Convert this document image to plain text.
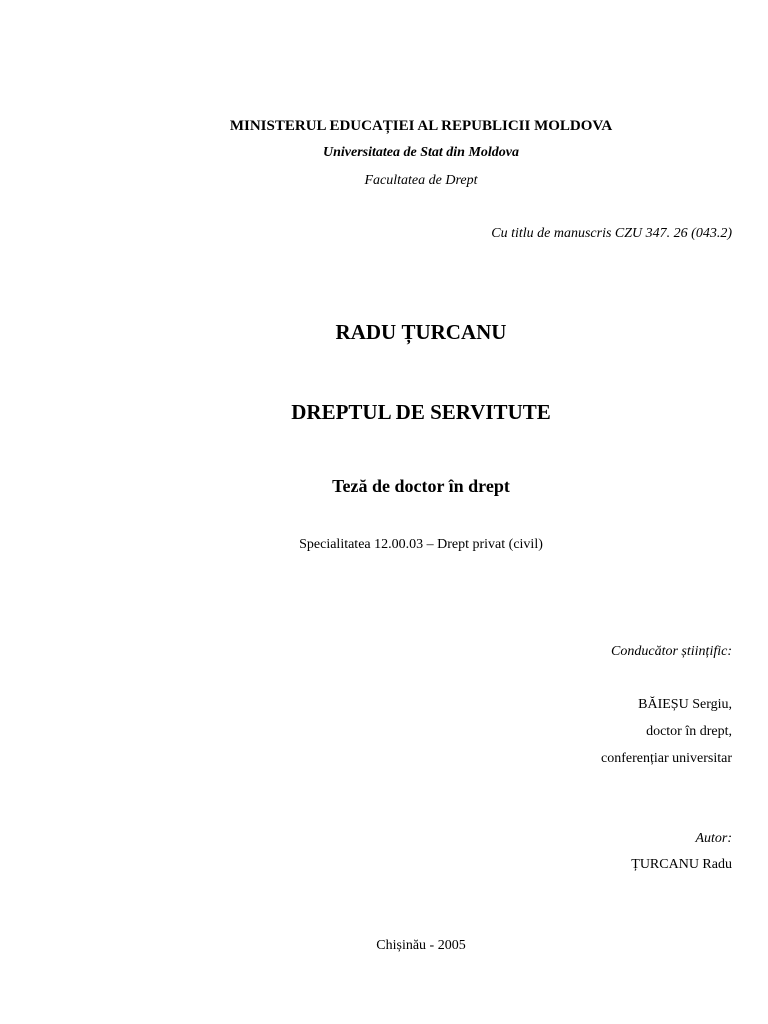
MINISTERUL EDUCAȚIEI AL REPUBLICII MOLDOVA
Universitatea de Stat din Moldova
Facultatea de Drept
Cu titlu de manuscris CZU 347. 26 (043.2)
RADU ȚURCANU
DREPTUL DE SERVITUTE
Teză de doctor în drept
Specialitatea 12.00.03 – Drept privat (civil)
Conducător științific:
BĂIEȘU Sergiu,
doctor în drept,
conferențiar universitar
Autor:
ȚURCANU Radu
Chișinău - 2005
